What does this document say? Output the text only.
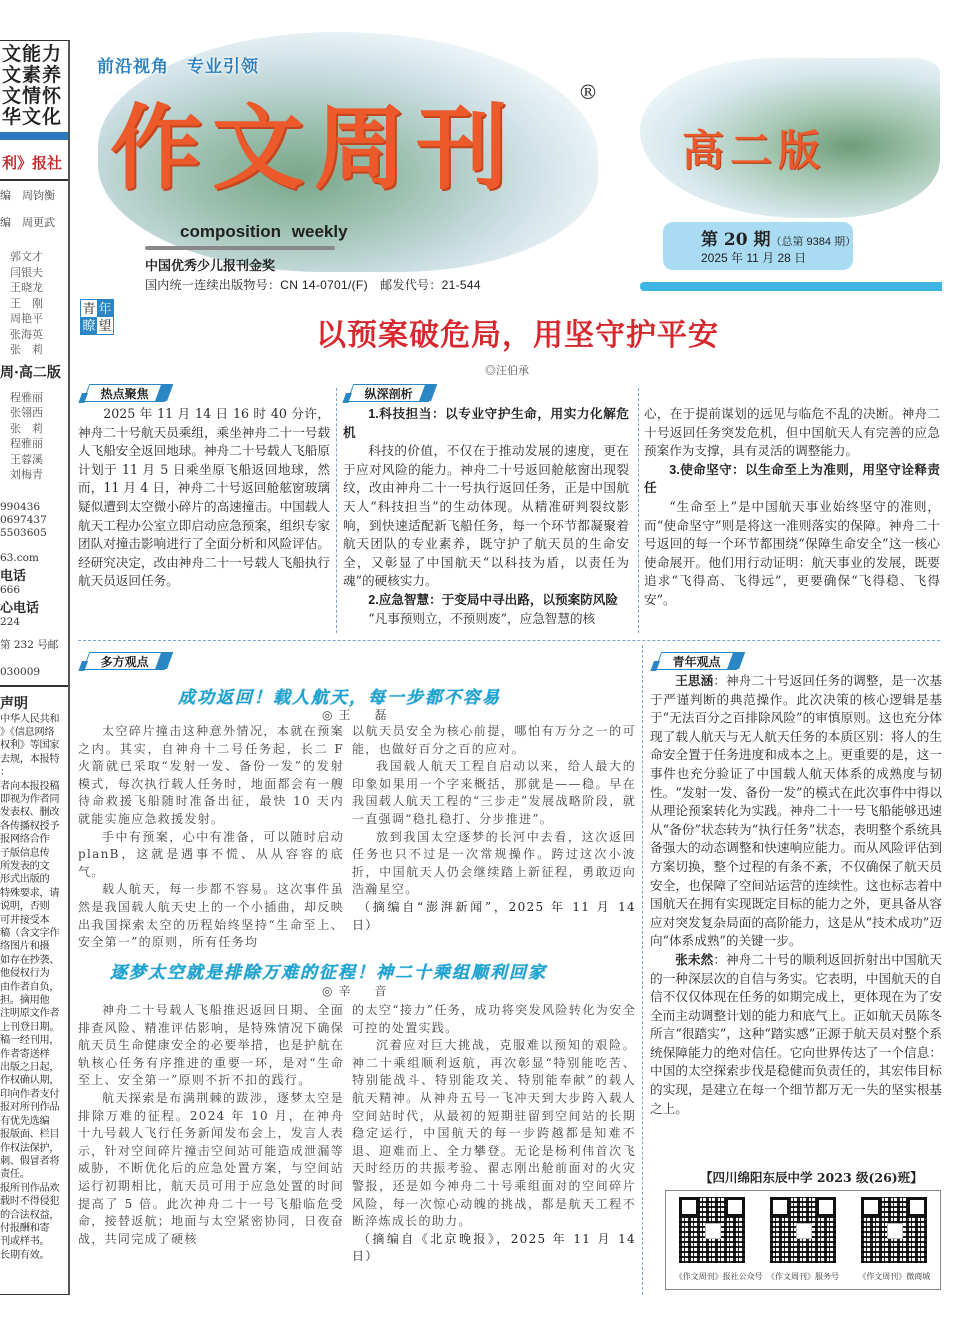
文能力
文素养
文情怀
华文化
利》报社
编　 周钧衡
编　 周更武
郭文才
闫银夫
王晓龙
王　刚
周艳平
张海英
张　莉
周·高二版
程雅丽
张翎西
张　莉
程雅丽
王蓉溪
刘梅青
990436
0697437
5503605
63.com
电话
666
心电话
224
第 232 号邮
030009
声明
中华人民共和
》《信息网络
权利》等国家
去规，本报特
：
者向本报投稿
即视为作者同
发表权、删改
各传播权授予
报网络合作
子版信息传
所发表的文
形式出版的
特殊要求，请
说明，否则
可并接受本
稿（含文字作
络图片和摄
如存在抄袭、
他侵权行为
由作者自负，
担。摘用他
注明原文作者
上刊登日期。
稿一经刊用，
作者寄送样
出版之日起，
作权确认期，
印向作者支付
报对所刊作品
有优先选编
报版面、栏目
作权法保护，
刺、假冒者将
责任。
报所刊作品欢
载时不得侵犯
的合法权益，
付报酬和寄
刊或样书。
长期有效。
前沿视角　专业引领
作文周刊
®
composition weekly
中国优秀少儿报刊金奖
国内统一连续出版物号：CN 14-0701/(F)　邮发代号：21-544
高二版
第 20 期（总第 9384 期）
2025 年 11 月 28 日
青 年
瞭 望	以预案破危局，用坚守护平安
◎汪伯承
热点聚焦

2025 年 11 月 14 日 16 时 40 分许，神舟二十号航天员乘组，乘坐神舟二十一号载人飞船安全返回地球。神舟二十号载人飞船原计划于 11 月 5 日乘坐原飞船返回地球，然而，11 月 4 日，神舟二十号返回舱舷窗玻璃疑似遭到太空微小碎片的高速撞击。中国载人航天工程办公室立即启动应急预案，组织专家团队对撞击影响进行了全面分析和风险评估。经研究决定，改由神舟二十一号载人飞船执行航天员返回任务。

纵深剖析

1.科技担当：以专业守护生命，用实力化解危机

科技的价值，不仅在于推动发展的速度，更在于应对风险的能力。神舟二十号返回舱舷窗出现裂纹，改由神舟二十一号执行返回任务，正是中国航天人“科技担当”的生动体现。从精准研判裂纹影响，到快速适配新飞船任务，每一个环节都凝聚着航天团队的专业素养，既守护了航天员的生命安全，又彰显了中国航天“以科技为盾，以责任为魂”的硬核实力。

2.应急智慧：于变局中寻出路，以预案防风险

“凡事预则立，不预则废”，应急智慧的核

心，在于提前谋划的远见与临危不乱的决断。神舟二十号返回任务突发危机，但中国航天人有完善的应急预案作为支撑，具有灵活的调整能力。

3.使命坚守：以生命至上为准则，用坚守诠释责任

“生命至上”是中国航天事业始终坚守的准则，而“使命坚守”则是将这一准则落实的保障。神舟二十号返回的每一个环节都围绕“保障生命安全”这一核心使命展开。他们用行动证明：航天事业的发展，既要追求“飞得高、飞得远”，更要确保“飞得稳、飞得安”。

多方观点
成功返回！载人航天，每一步都不容易
◎王　磊

太空碎片撞击这种意外情况，本就在预案之内。其实，自神舟十二号任务起，长二 F 火箭就已采取“发射一发、备份一发”的发射模式，每次执行载人任务时，地面都会有一艘待命救援飞船随时准备出征，最快 10 天内就能实施应急救援发射。

手中有预案，心中有准备，可以随时启动 planB，这就是遇事不慌、从从容容的底气。

载人航天，每一步都不容易。这次事件虽然是我国载人航天史上的一个小插曲，却反映出我国探索太空的历程始终坚持“生命至上、安全第一”的原则，所有任务均

以航天员安全为核心前提，哪怕有万分之一的可能，也做好百分之百的应对。

我国载人航天工程自启动以来，给人最大的印象如果用一个字来概括，那就是——稳。早在我国载人航天工程的“三步走”发展战略阶段，就一直强调“稳扎稳打、分步推进”。

放到我国太空逐梦的长河中去看，这次返回任务也只不过是一次常规操作。跨过这次小波折，中国航天人仍会继续踏上新征程，勇敢迈向浩瀚星空。

（摘编自“澎湃新闻”，2025 年 11 月 14 日）

逐梦太空就是排除万难的征程！神二十乘组顺利回家
◎辛　音

神舟二十号载人飞船推迟返回日期、全面排查风险、精准评估影响，是特殊情况下确保航天员生命健康安全的必要举措，也是护航在轨核心任务有序推进的重要一环，是对“生命至上、安全第一”原则不折不扣的践行。

航天探索是布满荆棘的跋涉，逐梦太空是排除万难的征程。2024 年 10 月，在神舟十九号载人飞行任务新闻发布会上，发言人表示，针对空间碎片撞击空间站可能造成泄漏等威胁，不断优化后的应急处置方案，与空间站运行初期相比，航天员可用于应急处置的时间提高了 5 倍。此次神舟二十一号飞船临危受命，接替返航；地面与太空紧密协同，日夜奋战，共同完成了硬核

的太空“接力”任务，成功将突发风险转化为安全可控的处置实践。

沉着应对巨大挑战，克服难以预知的艰险。神二十乘组顺利返航，再次彰显“特别能吃苦、特别能战斗、特别能攻关、特别能奉献”的载人航天精神。从神舟五号一飞冲天到大步跨入载人空间站时代，从最初的短期驻留到空间站的长期稳定运行，中国航天的每一步跨越都是知难不退、迎难而上、全力攀登。无论是杨利伟首次飞天时经历的共振考验、翟志刚出舱前面对的火灾警报，还是如今神舟二十号乘组面对的空间碎片风险，每一次惊心动魄的挑战，都是航天工程不断淬炼成长的助力。

（摘编自《北京晚报》，2025 年 11 月 14 日）

青年观点

王思涵：神舟二十号返回任务的调整，是一次基于严谨判断的典范操作。此次决策的核心逻辑是基于“无法百分之百排除风险”的审慎原则。这也充分体现了载人航天与无人航天任务的本质区别：将人的生命安全置于任务进度和成本之上。更重要的是，这一事件也充分验证了中国载人航天体系的成熟度与韧性。“发射一发、备份一发”的模式在此次事件中得以从理论预案转化为实践。神舟二十一号飞船能够迅速从“备份”状态转为“执行任务”状态，表明整个系统具备强大的动态调整和快速响应能力。而从风险评估到方案切换，整个过程的有条不紊，不仅确保了航天员安全，也保障了空间站运营的连续性。这也标志着中国航天在拥有实现既定目标的能力之外，更具备从容应对突发复杂局面的高阶能力，这是从“技术成功”迈向“体系成熟”的关键一步。

张未然：神舟二十号的顺利返回折射出中国航天的一种深层次的自信与务实。它表明，中国航天的自信不仅仅体现在任务的如期完成上，更体现在为了安全而主动调整计划的能力和底气上。正如航天员陈冬所言“很踏实”，这种“踏实感”正源于航天员对整个系统保障能力的绝对信任。它向世界传达了一个信息：中国的太空探索步伐是稳健而负责任的，其宏伟目标的实现，是建立在每一个细节都万无一失的坚实根基之上。

【四川绵阳东辰中学 2023 级(26)班】
《作文周刊》报社公众号 《作文周刊》服务号 《作文周刊》微商城
